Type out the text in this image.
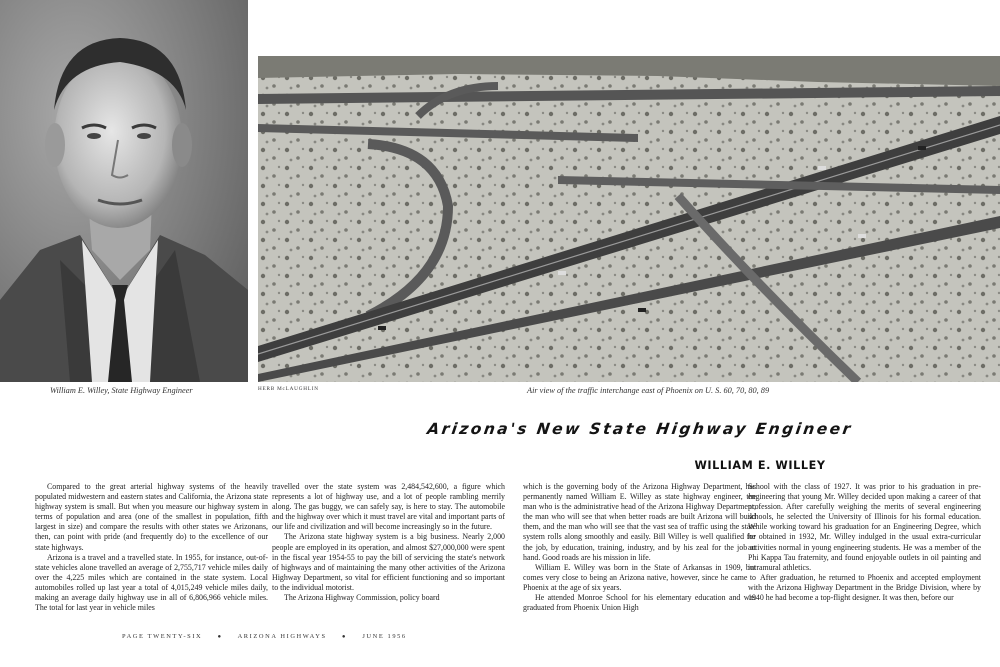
William E. Willey, State Highway Engineer	HERB McLAUGHLIN	Air view of the traffic interchange east of Phoenix on U. S. 60, 70, 80, 89
Arizona's New State Highway Engineer
WILLIAM E. WILLEY

Compared to the great arterial highway systems of the heavily populated midwestern and eastern states and California, the Arizona state highway system is small. But when you measure our highway system in terms of population and area (one of the smallest in population, fifth largest in size) and compare the results with other states we Arizonans, then, can point with pride (and frequently do) to the excellence of our state highways.

Arizona is a travel and a travelled state. In 1955, for instance, out-of-state vehicles alone travelled an average of 2,755,717 vehicle miles daily over the 4,225 miles which are contained in the state system. Local automobiles rolled up last year a total of 4,015,249 vehicle miles daily, making an average daily highway use in all of 6,806,966 vehicle miles. The total for last year in vehicle miles

travelled over the state system was 2,484,542,600, a figure which represents a lot of highway use, and a lot of people rambling merrily along. The gas buggy, we can safely say, is here to stay. The automobile and the highway over which it must travel are vital and important parts of our life and civilization and will become increasingly so in the future.

The Arizona state highway system is a big business. Nearly 2,000 people are employed in its operation, and almost $27,000,000 were spent in the fiscal year 1954-55 to pay the bill of servicing the state's network of highways and of maintaining the many other activities of the Arizona Highway Department, so vital for efficient functioning and so important to the individual motorist.

The Arizona Highway Commission, policy board

which is the governing body of the Arizona Highway Department, has permanently named William E. Willey as state highway engineer, the man who is the administrative head of the Arizona Highway Department, the man who will see that when better roads are built Arizona will build them, and the man who will see that the vast sea of traffic using the state system rolls along smoothly and easily. Bill Willey is well qualified for the job, by education, training, industry, and by his zeal for the job at hand. Good roads are his mission in life.

William E. Willey was born in the State of Arkansas in 1909, but comes very close to being an Arizona native, however, since he came to Phoenix at the age of six years.

He attended Monroe School for his elementary education and was graduated from Phoenix Union High

School with the class of 1927. It was prior to his graduation in pre-engineering that young Mr. Willey decided upon making a career of that profession. After carefully weighing the merits of several engineering schools, he selected the University of Illinois for his formal education. While working toward his graduation for an Engineering Degree, which he obtained in 1932, Mr. Willey indulged in the usual extra-curricular activities normal in young engineering students. He was a member of the Phi Kappa Tau fraternity, and found enjoyable outlets in oil painting and intramural athletics.

After graduation, he returned to Phoenix and accepted employment with the Arizona Highway Department in the Bridge Division, where by 1940 he had become a top-flight designer. It was then, before our

PAGE TWENTY-SIX	● ARIZONA HIGHWAYS	● JUNE 1956
